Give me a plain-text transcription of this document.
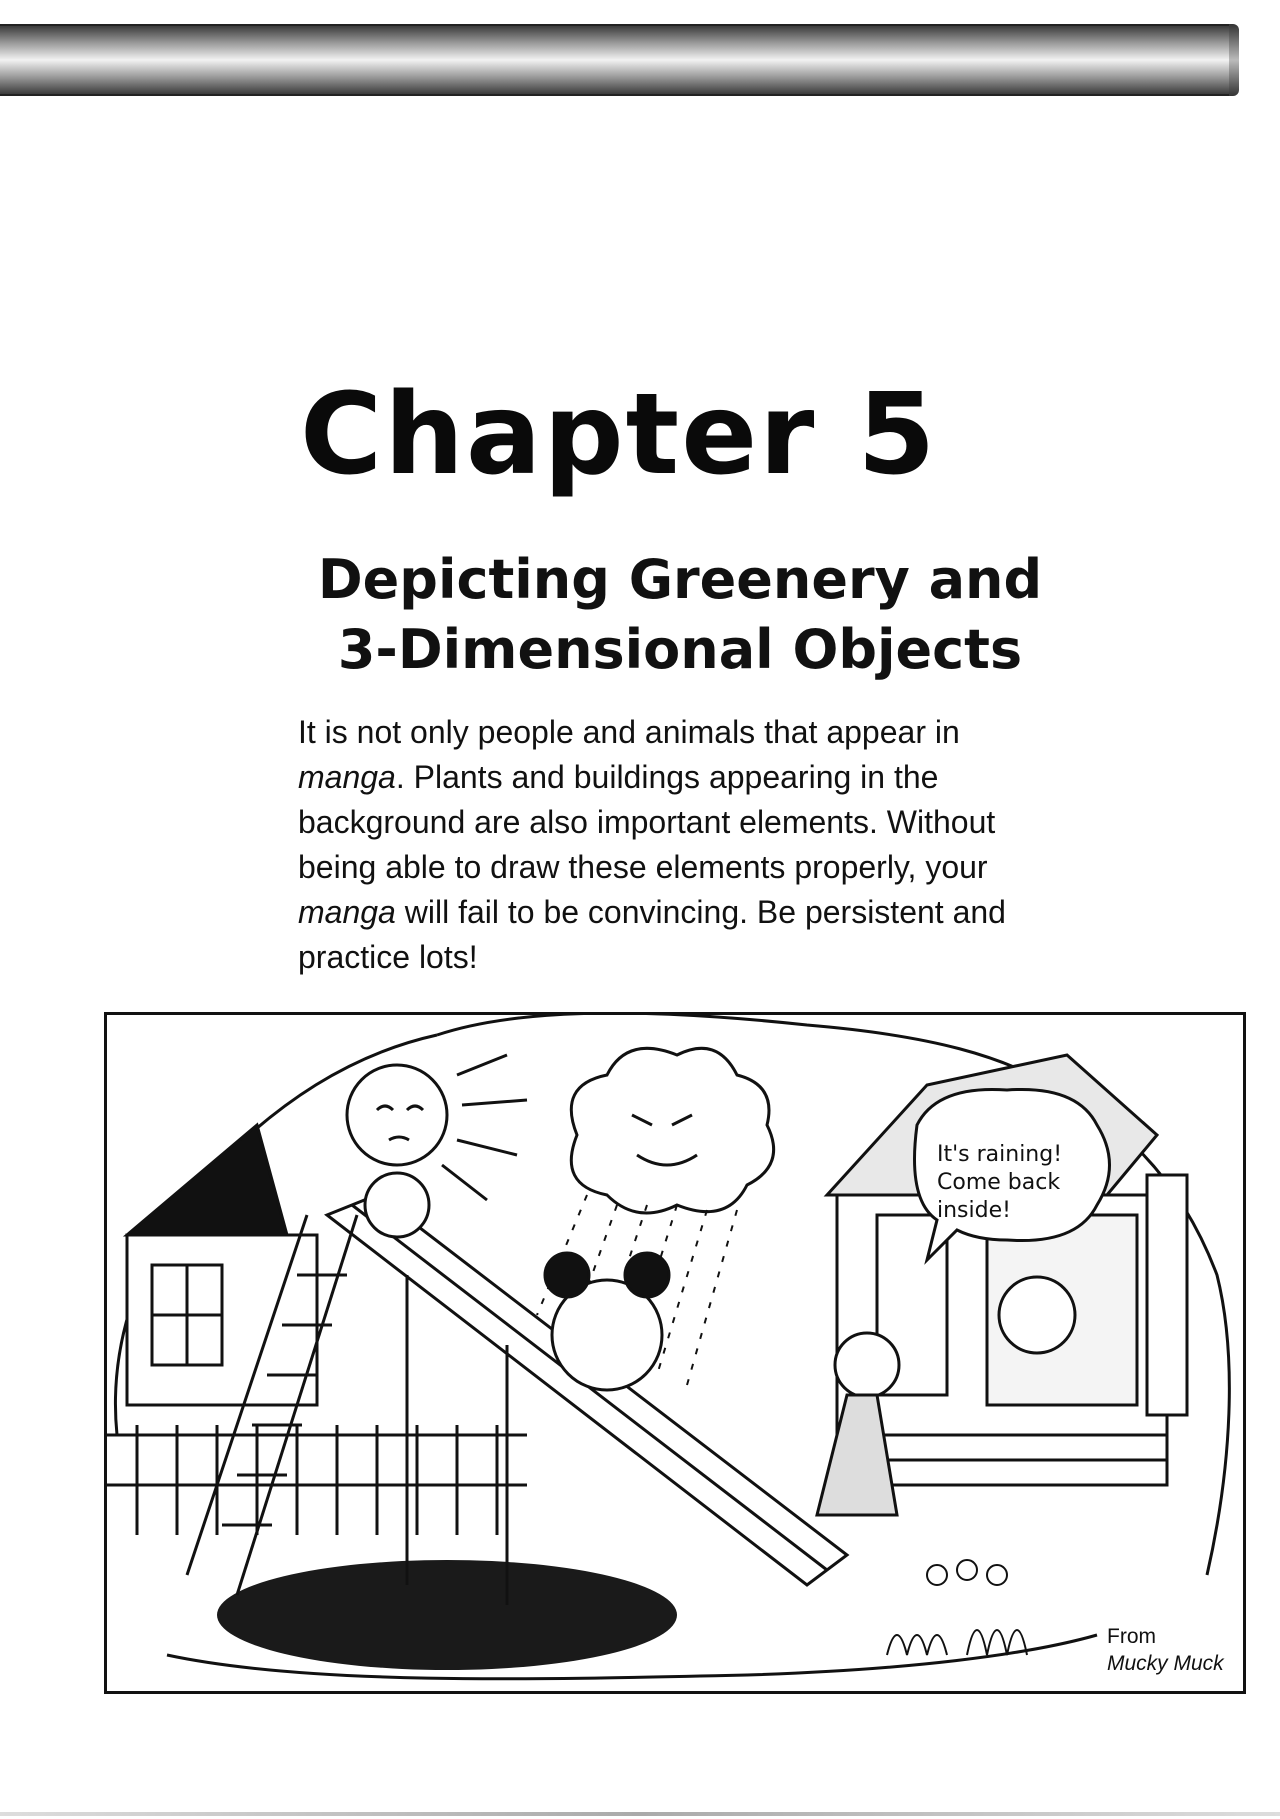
Chapter 5
Depicting Greenery and
3-Dimensional Objects
It is not only people and animals that appear in manga. Plants and buildings appearing in the background are also important elements. Without being able to draw these elements properly, your manga will fail to be convincing. Be persistent and practice lots!
It's raining!
Come back
inside!
From
Mucky Muck
